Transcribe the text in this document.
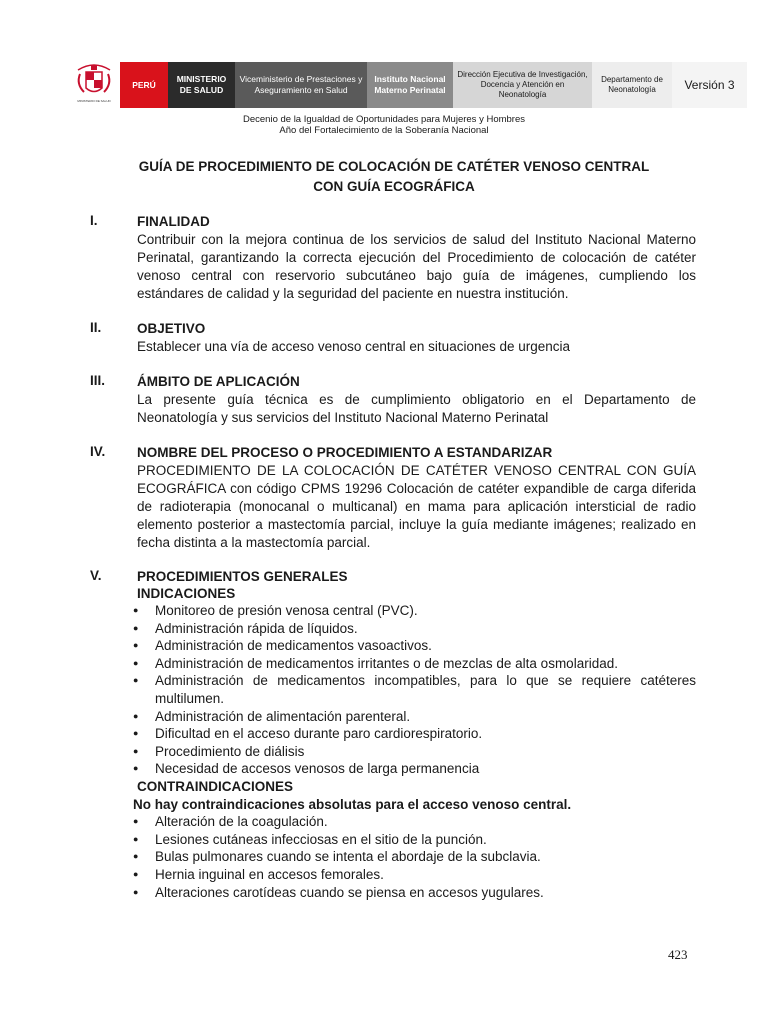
MINISTERIO DE SALUD
PERÚ
MINISTERIO DE SALUD
Viceministerio de Prestaciones y Aseguramiento en Salud
Instituto Nacional Materno Perinatal
Dirección Ejecutiva de Investigación, Docencia y Atención en Neonatología
Departamento de Neonatología	Versión 3
Decenio de la Igualdad de Oportunidades para Mujeres y Hombres
Año del Fortalecimiento de la Soberanía Nacional
GUÍA DE PROCEDIMIENTO DE COLOCACIÓN DE CATÉTER VENOSO CENTRAL
CON GUÍA ECOGRÁFICA
I.	FINALIDAD
Contribuir con la mejora continua de los servicios de salud del Instituto Nacional Materno Perinatal, garantizando la correcta ejecución del Procedimiento de colocación de catéter venoso central con reservorio subcutáneo bajo guía de imágenes, cumpliendo los estándares de calidad y la seguridad del paciente en nuestra institución.
II.	OBJETIVO
Establecer una vía de acceso venoso central en situaciones de urgencia
III. ÁMBITO DE APLICACIÓN
La presente guía técnica es de cumplimiento obligatorio en el Departamento de Neonatología y sus servicios del Instituto Nacional Materno Perinatal
IV. NOMBRE DEL PROCESO O PROCEDIMIENTO A ESTANDARIZAR
PROCEDIMIENTO DE LA COLOCACIÓN DE CATÉTER VENOSO CENTRAL CON GUÍA ECOGRÁFICA con código CPMS 19296 Colocación de catéter expandible de carga diferida de radioterapia (monocanal o multicanal) en mama para aplicación intersticial de radio elemento posterior a mastectomía parcial, incluye la guía mediante imágenes; realizado en fecha distinta a la mastectomía parcial.
V.	PROCEDIMIENTOS GENERALES
INDICACIONES
● Monitoreo de presión venosa central (PVC).
● Administración rápida de líquidos.
● Administración de medicamentos vasoactivos.
● Administración de medicamentos irritantes o de mezclas de alta osmolaridad.
● Administración de medicamentos incompatibles, para lo que se requiere catéteres multilumen.
● Administración de alimentación parenteral.
● Dificultad en el acceso durante paro cardiorespiratorio.
● Procedimiento de diálisis
● Necesidad de accesos venosos de larga permanencia
CONTRAINDICACIONES
No hay contraindicaciones absolutas para el acceso venoso central.
● Alteración de la coagulación.
● Lesiones cutáneas infecciosas en el sitio de la punción.
● Bulas pulmonares cuando se intenta el abordaje de la subclavia.
● Hernia inguinal en accesos femorales.
● Alteraciones carotídeas cuando se piensa en accesos yugulares.
423
